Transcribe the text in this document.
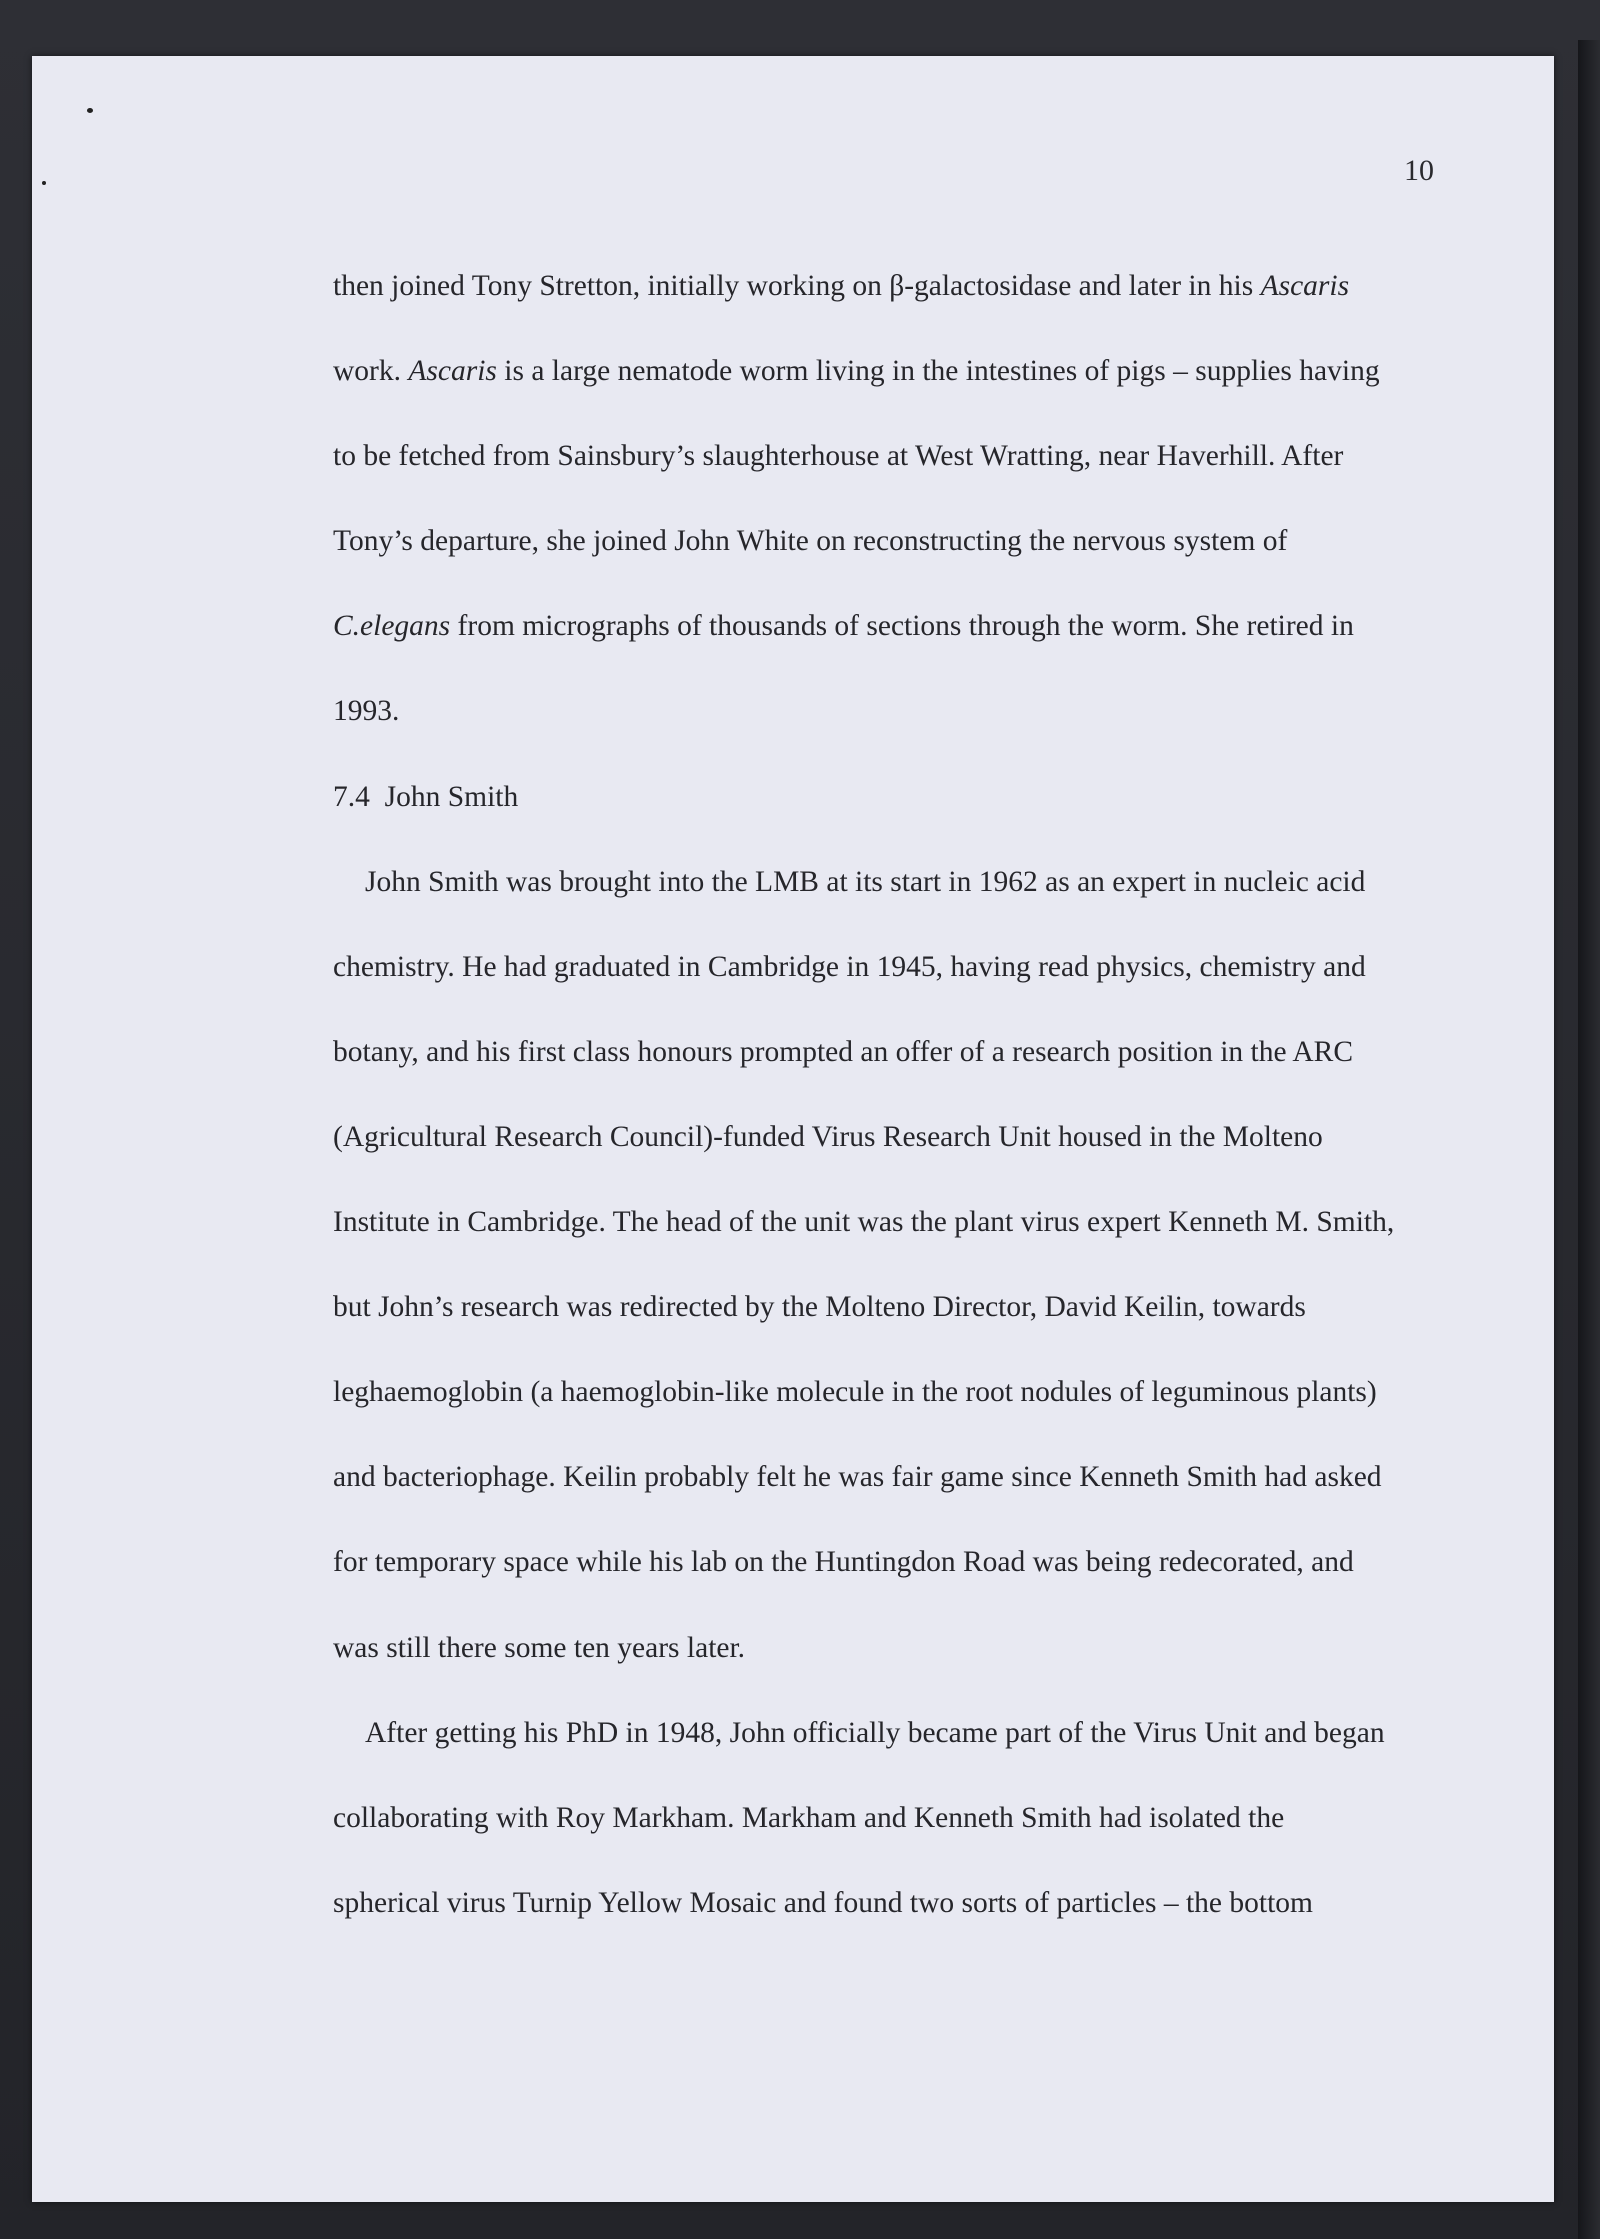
10
then joined Tony Stretton, initially working on β-galactosidase and later in his Ascaris
work. Ascaris is a large nematode worm living in the intestines of pigs – supplies having
to be fetched from Sainsbury’s slaughterhouse at West Wratting, near Haverhill. After
Tony’s departure, she joined John White on reconstructing the nervous system of
C.elegans from micrographs of thousands of sections through the worm. She retired in
1993.
7.4 John Smith
John Smith was brought into the LMB at its start in 1962 as an expert in nucleic acid
chemistry. He had graduated in Cambridge in 1945, having read physics, chemistry and
botany, and his first class honours prompted an offer of a research position in the ARC
(Agricultural Research Council)-funded Virus Research Unit housed in the Molteno
Institute in Cambridge. The head of the unit was the plant virus expert Kenneth M. Smith,
but John’s research was redirected by the Molteno Director, David Keilin, towards
leghaemoglobin (a haemoglobin-like molecule in the root nodules of leguminous plants)
and bacteriophage. Keilin probably felt he was fair game since Kenneth Smith had asked
for temporary space while his lab on the Huntingdon Road was being redecorated, and
was still there some ten years later.
After getting his PhD in 1948, John officially became part of the Virus Unit and began
collaborating with Roy Markham. Markham and Kenneth Smith had isolated the
spherical virus Turnip Yellow Mosaic and found two sorts of particles – the bottom
